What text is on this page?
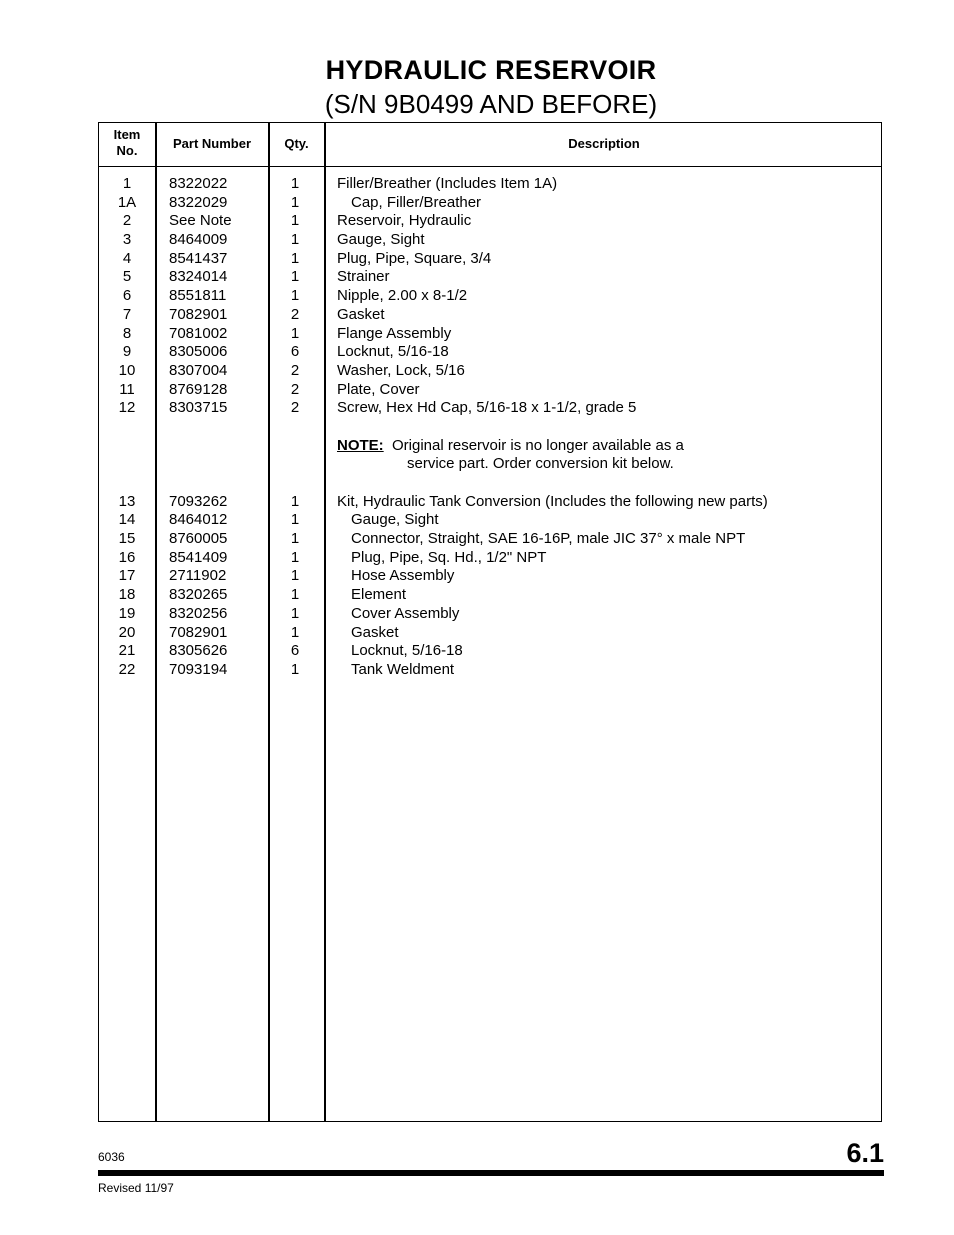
HYDRAULIC RESERVOIR
(S/N 9B0499 AND BEFORE)
Item
No.	Part Number	Qty.	Description
1	8322022	1	Filler/Breather (Includes Item 1A)
1A	8322029	1	Cap, Filler/Breather
2	See Note	1	Reservoir, Hydraulic
3	8464009	1	Gauge, Sight
4	8541437	1	Plug, Pipe, Square, 3/4
5	8324014	1	Strainer
6	8551811	1	Nipple, 2.00 x 8-1/2
7	7082901	2	Gasket
8	7081002	1	Flange Assembly
9	8305006	6	Locknut, 5/16-18
10	8307004	2	Washer, Lock, 5/16
11	8769128	2	Plate, Cover
12	8303715	2	Screw, Hex Hd Cap, 5/16-18 x 1-1/2, grade 5
NOTE: Original reservoir is no longer available as a
service part. Order conversion kit below.
13	7093262	1	Kit, Hydraulic Tank Conversion (Includes the following new parts)
14	8464012	1	Gauge, Sight
15	8760005	1	Connector, Straight, SAE 16-16P, male JIC 37° x male NPT
16	8541409	1	Plug, Pipe, Sq. Hd., 1/2" NPT
17	2711902	1	Hose Assembly
18	8320265	1	Element
19	8320256	1	Cover Assembly
20	7082901	1	Gasket
21	8305626	6	Locknut, 5/16-18
22	7093194	1	Tank Weldment
6036	6.1
Revised 11/97
